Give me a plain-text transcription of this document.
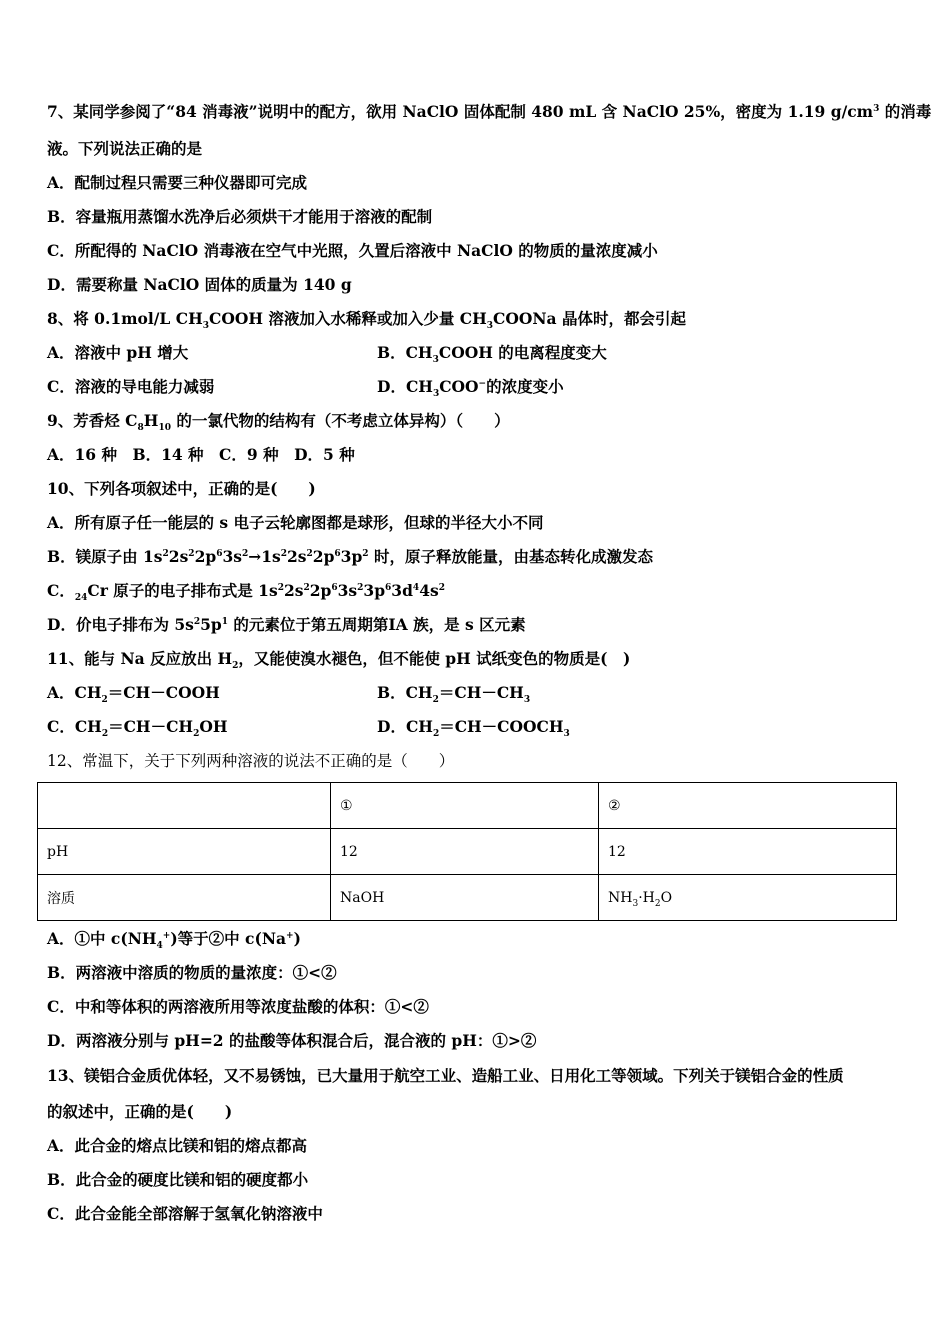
7、某同学参阅了“84 消毒液”说明中的配方，欲用 NaClO 固体配制 480 mL 含 NaClO 25%，密度为 1.19 $g/cm^3$ 的消毒
液。下列说法正确的是
A．配制过程只需要三种仪器即可完成
B．容量瓶用蒸馏水洗净后必须烘干才能用于溶液的配制
C．所配得的 NaClO 消毒液在空气中光照，久置后溶液中 NaClO 的物质的量浓度减小
D．需要称量 NaClO 固体的质量为 140 g
8、将 0.1mol/L $CH_3COOH$ 溶液加入水稀释或加入少量 $CH_3COONa$ 晶体时，都会引起
A．溶液中 pH 增大	B．$CH_3COOH$ 的电离程度变大
C．溶液的导电能力减弱	D．$CH_3COO^-$的浓度变小
9、芳香烃 $C_8H_{10}$ 的一氯代物的结构有（不考虑立体异构）（　　）
A．16 种　B．14 种　C．9 种　D．5 种
10、下列各项叙述中，正确的是(　　)
A．所有原子任一能层的 s 电子云轮廓图都是球形，但球的半径大小不同
B．镁原子由 $1s^22s^22p^63s^2\to 1s^22s^22p^63p^2$ 时，原子释放能量，由基态转化成激发态
C．$_{24}$Cr 原子的电子排布式是 $1s^22s^22p^63s^23p^63d^44s^2$
D．价电子排布为 $5s^25p^1$ 的元素位于第五周期第ⅠA 族，是 s 区元素
11、能与 Na 反应放出 $H_2$，又能使溴水褪色，但不能使 pH 试纸变色的物质是(　)
A．$CH_2=CH-COOH$	B．$CH_2=CH-CH_3$
C．$CH_2=CH-CH_2OH$	D．$CH_2=CH-COOCH_3$
12、常温下，关于下列两种溶液的说法不正确的是（　　）
	①	②
pH	12	12
溶质	NaOH	$NH_3\cdot H_2O$
A．①中 $c(NH_4^+)$等于②中 c(Na+)
B．两溶液中溶质的物质的量浓度：①<②
C．中和等体积的两溶液所用等浓度盐酸的体积：①<②
D．两溶液分别与 pH=2 的盐酸等体积混合后，混合液的 pH：①>②
13、镁铝合金质优体轻，又不易锈蚀，已大量用于航空工业、造船工业、日用化工等领域。下列关于镁铝合金的性质
的叙述中，正确的是(　　)
A．此合金的熔点比镁和铝的熔点都高
B．此合金的硬度比镁和铝的硬度都小
C．此合金能全部溶解于氢氧化钠溶液中
